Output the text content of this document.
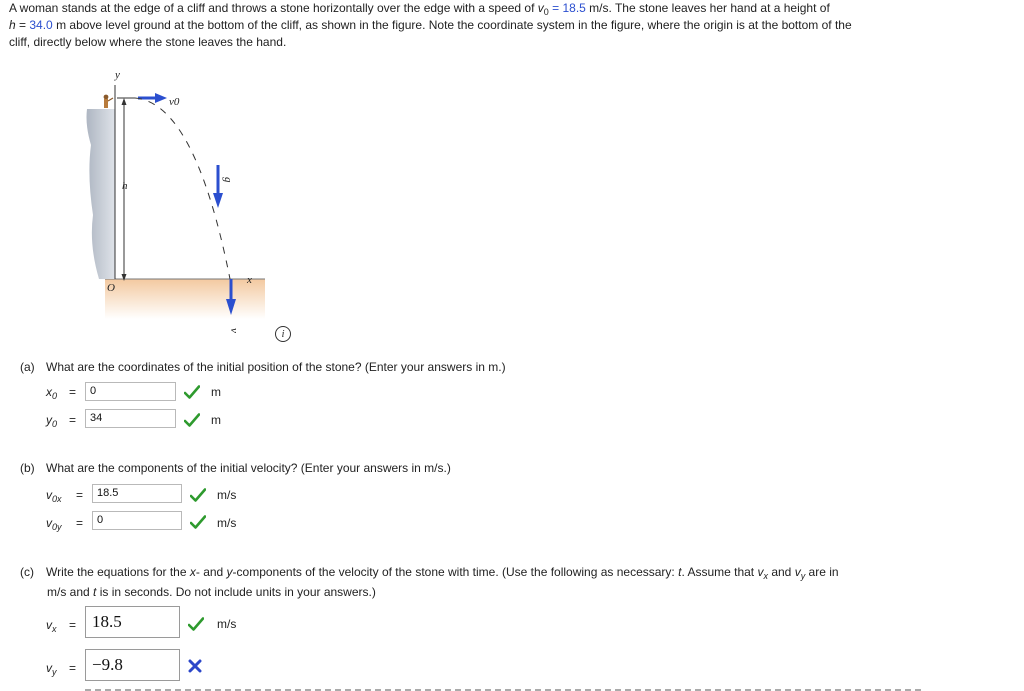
A woman stands at the edge of a cliff and throws a stone horizontally over the edge with a speed of $v_0 = 18.5$ m/s. The stone leaves her hand at a height of
h = 34.0 m above level ground at the bottom of the cliff, as shown in the figure. Note the coordinate system in the figure, where the origin is at the bottom of the
cliff, directly below where the stone leaves the hand.
y
x
O
h
v0
g
v	i
(a) What are the coordinates of the initial position of the stone? (Enter your answers in m.)
$x_0$ =	0	m
$y_0$ =	34	m
(b) What are the components of the initial velocity? (Enter your answers in m/s.)
$v_{0x}$ =	18.5	m/s
$v_{0y}$ =	0	m/s
(c) Write the equations for the x- and y-components of the velocity of the stone with time. (Use the following as necessary: t. Assume that $v_x$ and $v_y$ are in
m/s and t is in seconds. Do not include units in your answers.)
$v_x = 18.5$	m/s
$v_y = -9.8$
